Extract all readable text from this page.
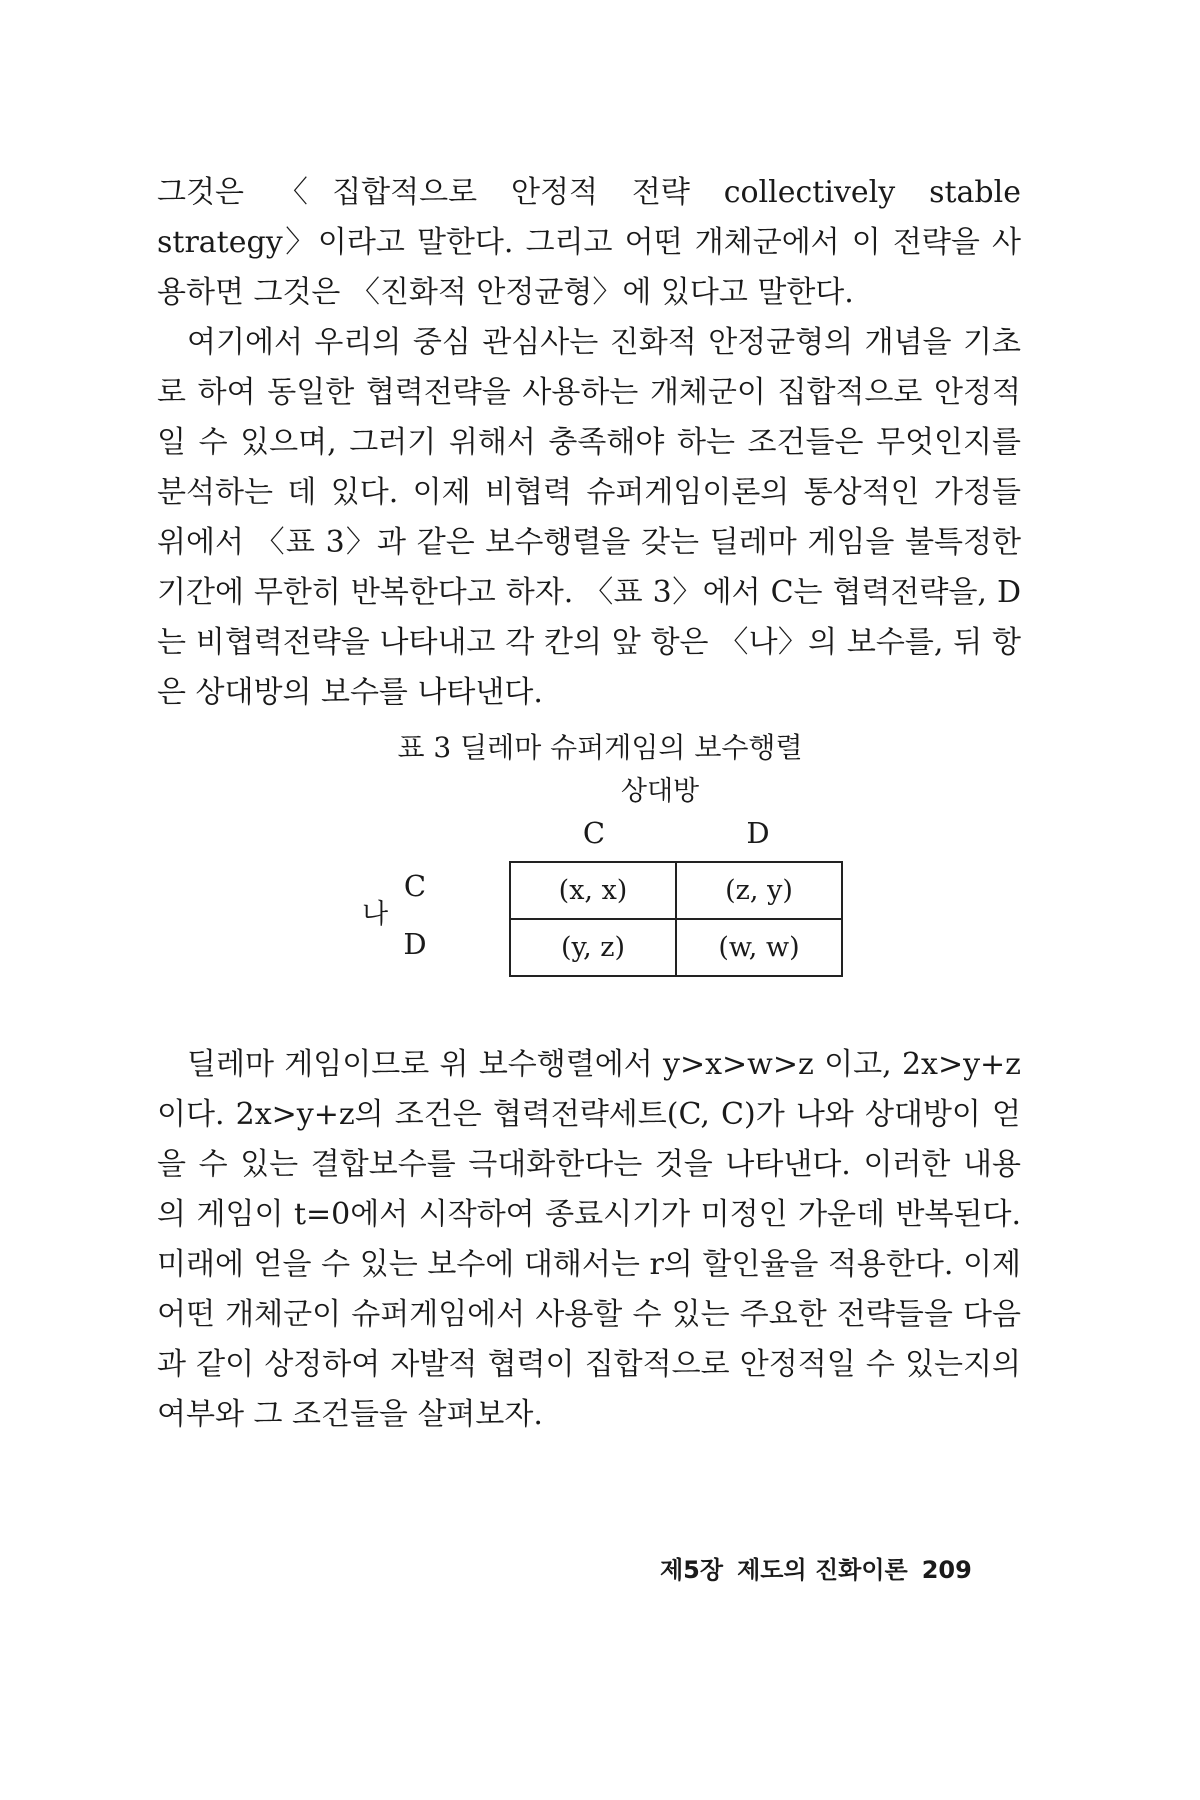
그것은 〈집합적으로 안정적 전략 collectively stable strategy〉이라고 말한다. 그리고 어떤 개체군에서 이 전략을 사용하면 그것은 〈진화적 안정균형〉에 있다고 말한다.

여기에서 우리의 중심 관심사는 진화적 안정균형의 개념을 기초로 하여 동일한 협력전략을 사용하는 개체군이 집합적으로 안정적일 수 있으며, 그러기 위해서 충족해야 하는 조건들은 무엇인지를 분석하는 데 있다. 이제 비협력 슈퍼게임이론의 통상적인 가정들 위에서 〈표 3〉과 같은 보수행렬을 갖는 딜레마 게임을 불특정한 기간에 무한히 반복한다고 하자. 〈표 3〉에서 C는 협력전략을, D는 비협력전략을 나타내고 각 칸의 앞 항은 〈나〉의 보수를, 뒤 항은 상대방의 보수를 나타낸다.

표 3 딜레마 슈퍼게임의 보수행렬
상대방
C	D
C
나
D
(x, x)	(z, y)
(y, z)	(w, w)

딜레마 게임이므로 위 보수행렬에서 y>x>w>z 이고, 2x>y+z 이다. 2x>y+z의 조건은 협력전략세트(C, C)가 나와 상대방이 얻을 수 있는 결합보수를 극대화한다는 것을 나타낸다. 이러한 내용의 게임이 t=0에서 시작하여 종료시기가 미정인 가운데 반복된다. 미래에 얻을 수 있는 보수에 대해서는 r의 할인율을 적용한다. 이제 어떤 개체군이 슈퍼게임에서 사용할 수 있는 주요한 전략들을 다음과 같이 상정하여 자발적 협력이 집합적으로 안정적일 수 있는지의 여부와 그 조건들을 살펴보자.

제5장 제도의 진화이론 209
